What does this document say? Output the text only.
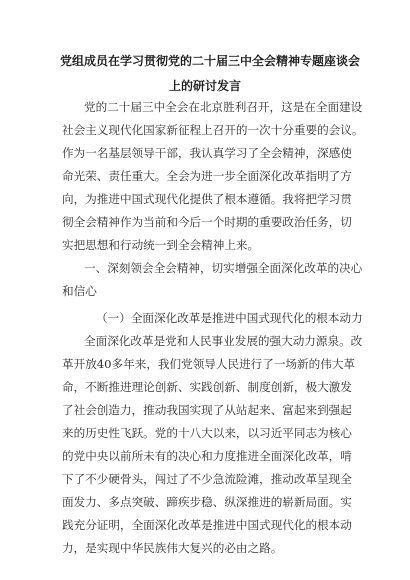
党组成员在学习贯彻党的二十届三中全会精神专题座谈会
上的研讨发言
党的二十届三中全会在北京胜利召开，这是在全面建设
社会主义现代化国家新征程上召开的一次十分重要的会议。
作为一名基层领导干部，我认真学习了全会精神，深感使
命光荣、责任重大。全会为进一步全面深化改革指明了方
向，为推进中国式现代化提供了根本遵循。我将把学习贯
彻全会精神作为当前和今后一个时期的重要政治任务，切
实把思想和行动统一到全会精神上来。
一、深刻领会全会精神，切实增强全面深化改革的决心
和信心
（一）全面深化改革是推进中国式现代化的根本动力
全面深化改革是党和人民事业发展的强大动力源泉。改
革开放40多年来，我们党领导人民进行了一场新的伟大革
命，不断推进理论创新、实践创新、制度创新，极大激发
了社会创造力，推动我国实现了从站起来、富起来到强起
来的历史性飞跃。党的十八大以来，以习近平同志为核心
的党中央以前所未有的决心和力度推进全面深化改革，啃
下了不少硬骨头，闯过了不少急流险滩，推动改革呈现全
面发力、多点突破、蹄疾步稳、纵深推进的崭新局面。实
践充分证明，全面深化改革是推进中国式现代化的根本动
力，是实现中华民族伟大复兴的必由之路。
